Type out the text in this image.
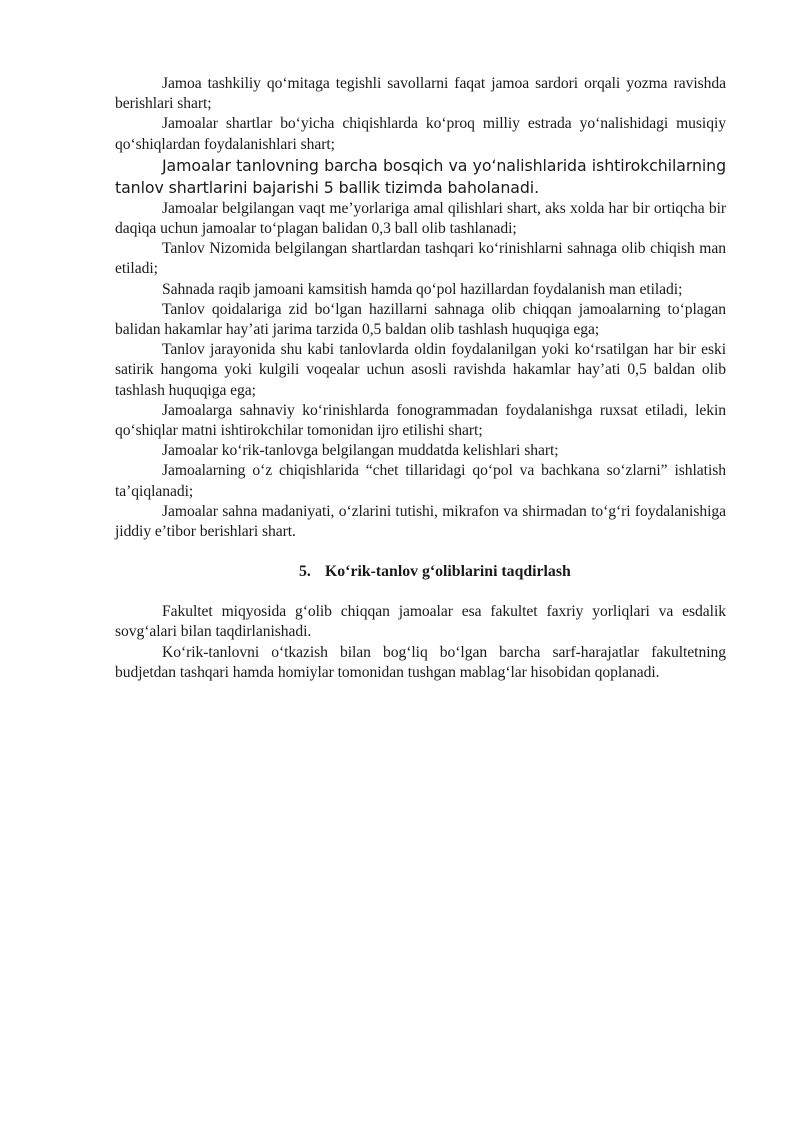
Jamoa tashkiliy qo‘mitaga tegishli savollarni faqat jamoa sardori orqali yozma ravishda berishlari shart;

Jamoalar shartlar bo‘yicha chiqishlarda ko‘proq milliy estrada yo‘nalishidagi musiqiy qo‘shiqlardan foydalanishlari shart;

Jamoalar tanlovning barcha bosqich va yo‘nalishlarida ishtirokchilarning tanlov shartlarini bajarishi 5 ballik tizimda baholanadi.

Jamoalar belgilangan vaqt me’yorlariga amal qilishlari shart, aks xolda har bir ortiqcha bir daqiqa uchun jamoalar to‘plagan balidan 0,3 ball olib tashlanadi;

Tanlov Nizomida belgilangan shartlardan tashqari ko‘rinishlarni sahnaga olib chiqish man etiladi;

Sahnada raqib jamoani kamsitish hamda qo‘pol hazillardan foydalanish man etiladi;

Tanlov qoidalariga zid bo‘lgan hazillarni sahnaga olib chiqqan jamoalarning to‘plagan balidan hakamlar hay’ati jarima tarzida 0,5 baldan olib tashlash huquqiga ega;

Tanlov jarayonida shu kabi tanlovlarda oldin foydalanilgan yoki ko‘rsatilgan har bir eski satirik hangoma yoki kulgili voqealar uchun asosli ravishda hakamlar hay’ati 0,5 baldan olib tashlash huquqiga ega;

Jamoalarga sahnaviy ko‘rinishlarda fonogrammadan foydalanishga ruxsat etiladi, lekin qo‘shiqlar matni ishtirokchilar tomonidan ijro etilishi shart;

Jamoalar ko‘rik-tanlovga belgilangan muddatda kelishlari shart;

Jamoalarning o‘z chiqishlarida “chet tillaridagi qo‘pol va bachkana so‘zlarni” ishlatish ta’qiqlanadi;

Jamoalar sahna madaniyati, o‘zlarini tutishi, mikrafon va shirmadan to‘g‘ri foydalanishiga jiddiy e’tibor berishlari shart.

5. Ko‘rik-tanlov g‘oliblarini taqdirlash

Fakultet miqyosida g‘olib chiqqan jamoalar esa fakultet faxriy yorliqlari va esdalik sovg‘alari bilan taqdirlanishadi.

Ko‘rik-tanlovni o‘tkazish bilan bog‘liq bo‘lgan barcha sarf-harajatlar fakultetning budjetdan tashqari hamda homiylar tomonidan tushgan mablag‘lar hisobidan qoplanadi.
